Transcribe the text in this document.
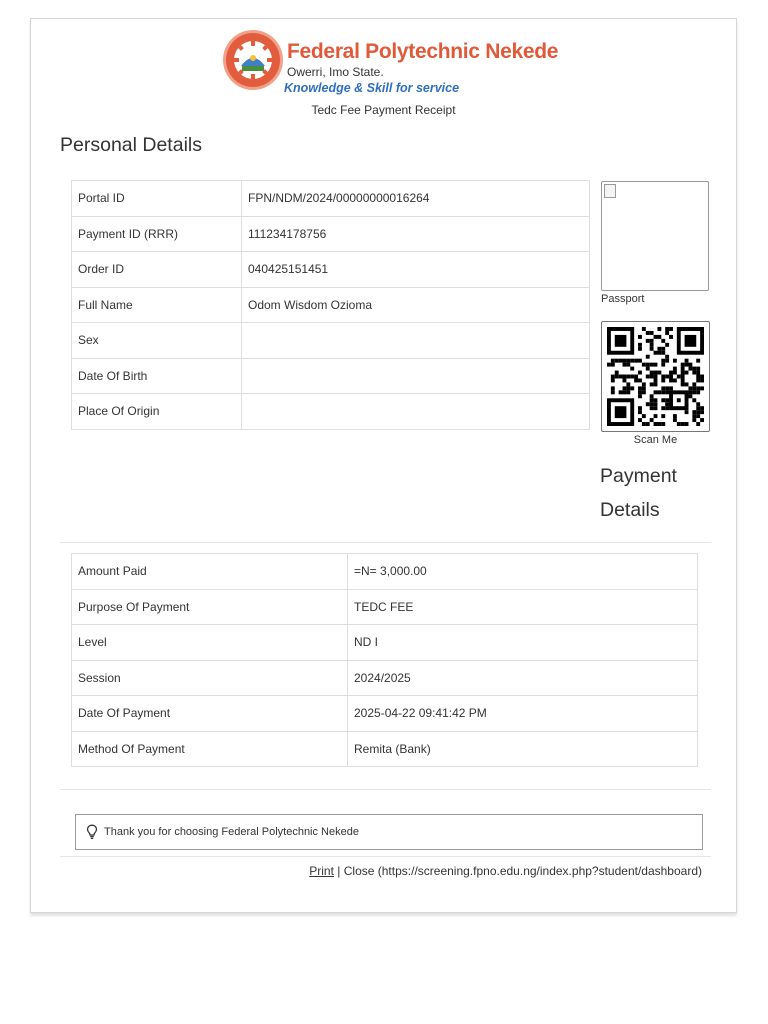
Federal Polytechnic Nekede
Owerri, Imo State.
Knowledge & Skill for service
Tedc Fee Payment Receipt
Personal Details
Portal ID	FPN/NDM/2024/00000000016264
Payment ID (RRR)	111234178756
Order ID	040425151451
Full Name	Odom Wisdom Ozioma
Sex	
Date Of Birth	
Place Of Origin	
Passport
Scan Me
Payment Details
Amount Paid	=N= 3,000.00
Purpose Of Payment	TEDC FEE
Level	ND I
Session	2024/2025
Date Of Payment	2025-04-22 09:41:42 PM
Method Of Payment	Remita (Bank)
Thank you for choosing Federal Polytechnic Nekede
Print | Close (https://screening.fpno.edu.ng/index.php?student/dashboard)
